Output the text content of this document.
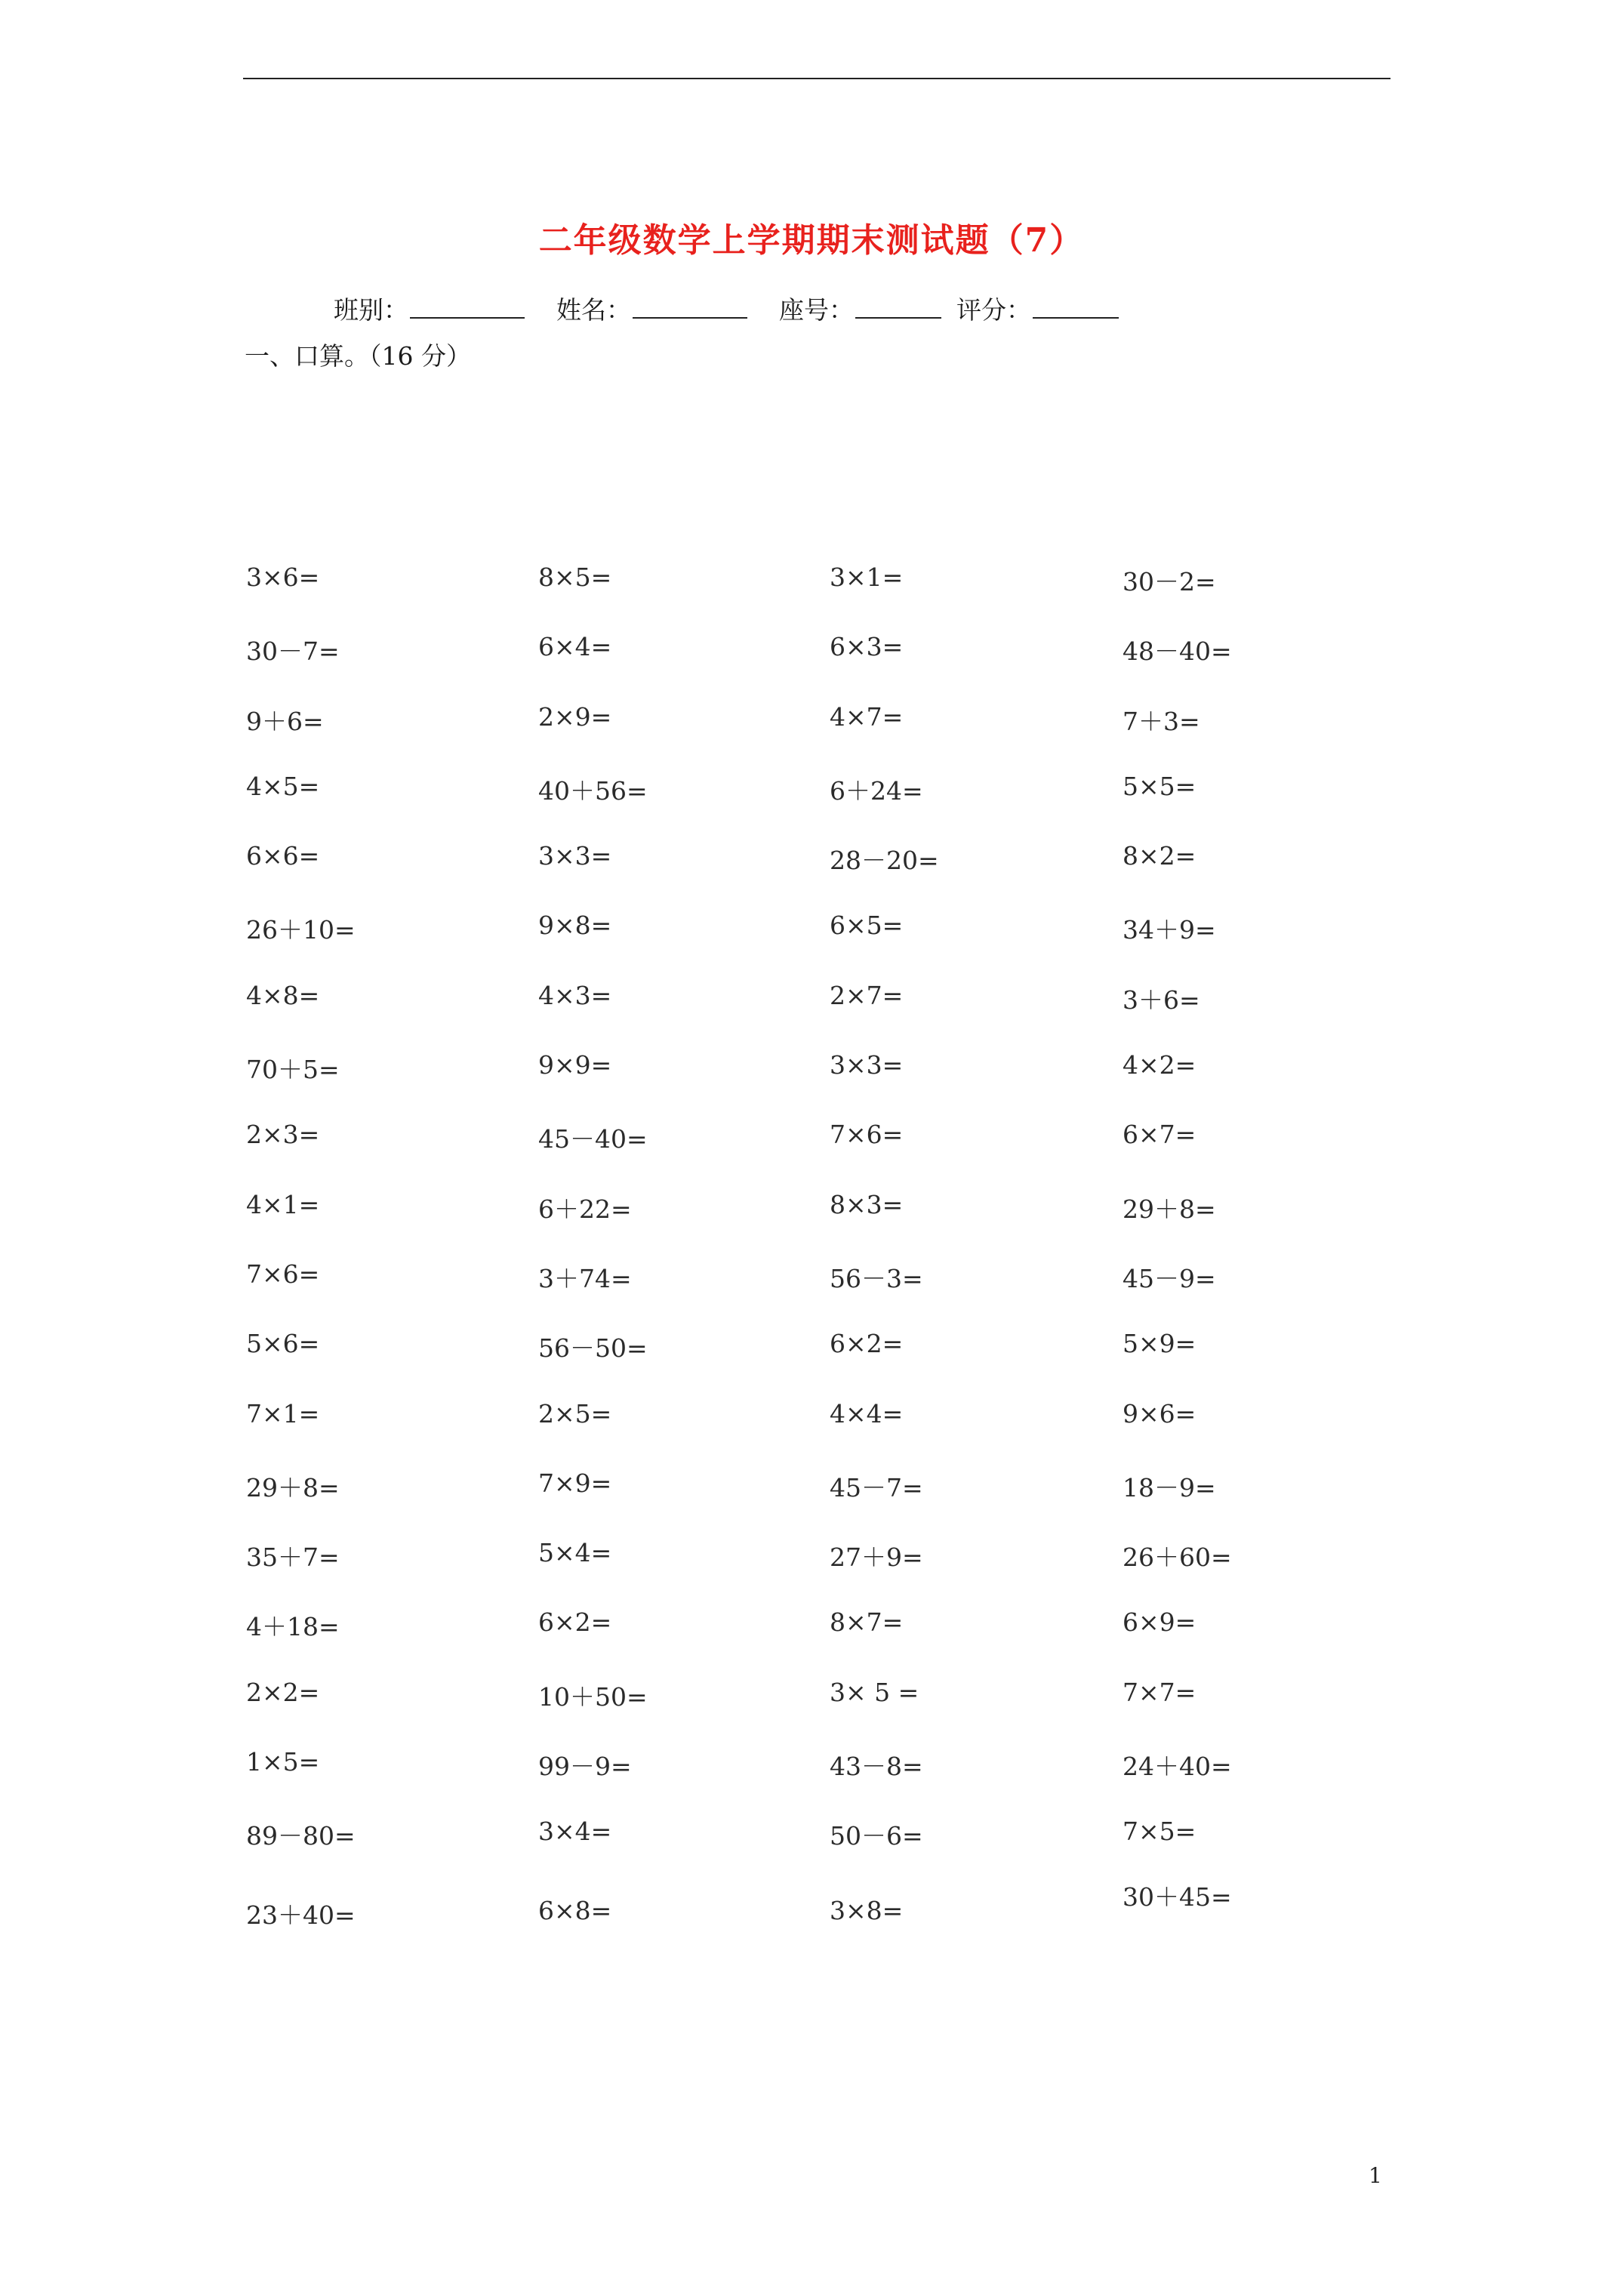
二年级数学上学期期末测试题（7）
班别：	姓名：	座号：	评分：
一、口算。（16 分）
3×6=	8×5=	3×1=	30－2=
30－7=	6×4=	6×3=	48－40=
9＋6=	2×9=	4×7=	7＋3=
4×5=	40＋56=	6＋24=	5×5=
6×6=	3×3=	28－20=	8×2=
26＋10=	9×8=	6×5=	34＋9=
4×8=	4×3=	2×7=	3＋6=
70＋5=	9×9=	3×3=	4×2=
2×3=	45－40=	7×6=	6×7=
4×1=	6＋22=	8×3=	29＋8=
7×6=	3＋74=	56－3=	45－9=
5×6=	56－50=	6×2=	5×9=
7×1=	2×5=	4×4=	9×6=
29＋8=	7×9=	45－7=	18－9=
35＋7=	5×4=	27＋9=	26＋60=
4＋18=	6×2=	8×7=	6×9=
2×2=	10＋50=	3× 5 =	7×7=
1×5=	99－9=	43－8=	24＋40=
89－80=	3×4=	50－6=	7×5=
23＋40=	6×8=	3×8=	30＋45=
1
